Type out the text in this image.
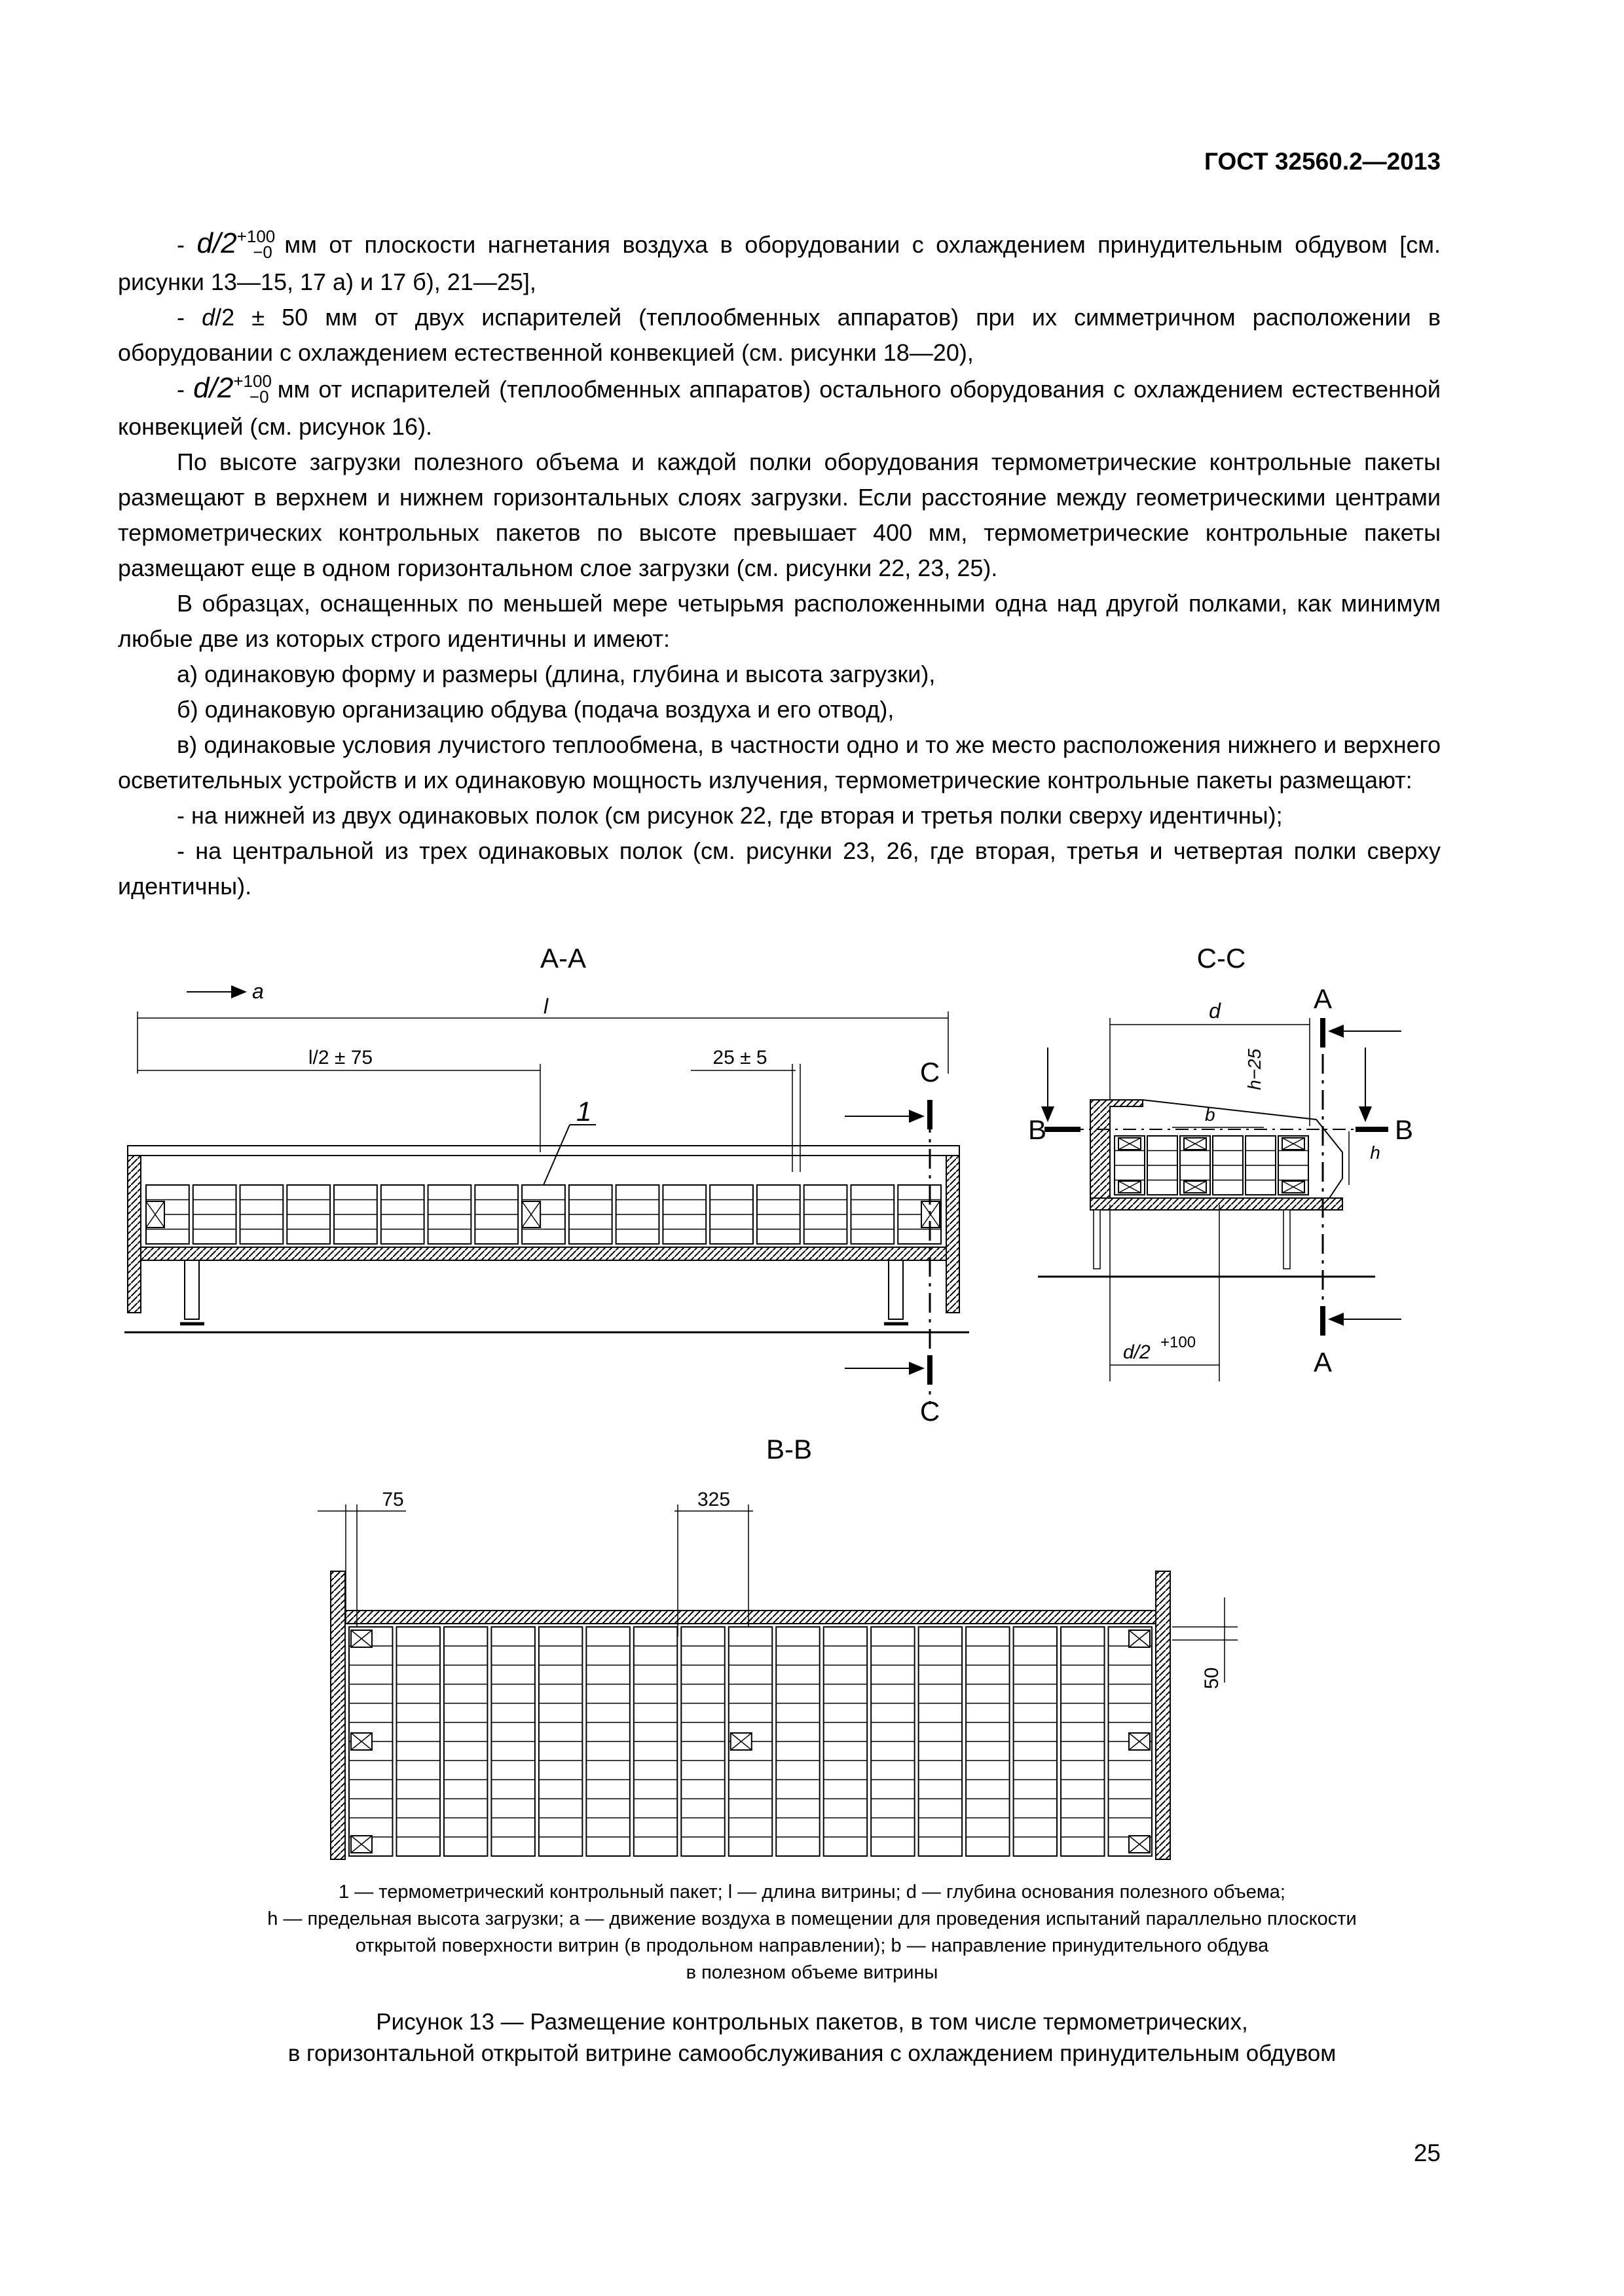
ГОСТ 32560.2—2013

- $d/2^{+100}_{-0}$ мм от плоскости нагнетания воздуха в оборудовании с охлаждением принудительным обдувом [см. рисунки 13—15, 17 а) и 17 б), 21—25],

- d/2 ± 50 мм от двух испарителей (теплообменных аппаратов) при их симметричном расположении в оборудовании с охлаждением естественной конвекцией (см. рисунки 18—20),

- $d/2^{+100}_{-0}$ мм от испарителей (теплообменных аппаратов) остального оборудования с охлаждением естественной конвекцией (см. рисунок 16).

По высоте загрузки полезного объема и каждой полки оборудования термометрические контрольные пакеты размещают в верхнем и нижнем горизонтальных слоях загрузки. Если расстояние между геометрическими центрами термометрических контрольных пакетов по высоте превышает 400 мм, термометрические контрольные пакеты размещают еще в одном горизонтальном слое загрузки (см. рисунки 22, 23, 25).

В образцах, оснащенных по меньшей мере четырьмя расположенными одна над другой полками, как минимум любые две из которых строго идентичны и имеют:

а) одинаковую форму и размеры (длина, глубина и высота загрузки),

б) одинаковую организацию обдува (подача воздуха и его отвод),

в) одинаковые условия лучистого теплообмена, в частности одно и то же место расположения нижнего и верхнего осветительных устройств и их одинаковую мощность излучения, термометрические контрольные пакеты размещают:

- на нижней из двух одинаковых полок (см рисунок 22, где вторая и третья полки сверху идентичны);

- на центральной из трех одинаковых полок (см. рисунки 23, 26, где вторая, третья и четвертая полки сверху идентичны).

A-A
a
l
l/2 ± 75	25 ± 5
1
C
C
C-C
d
h−25
b
h
B	B
A
A
d/2 +100
B-B
75	325
50
1 — термометрический контрольный пакет; l — длина витрины; d — глубина основания полезного объема;
h — предельная высота загрузки; a — движение воздуха в помещении для проведения испытаний параллельно плоскости
открытой поверхности витрин (в продольном направлении); b — направление принудительного обдува
в полезном объеме витрины
Рисунок 13 — Размещение контрольных пакетов, в том числе термометрических,
в горизонтальной открытой витрине самообслуживания с охлаждением принудительным обдувом
25
